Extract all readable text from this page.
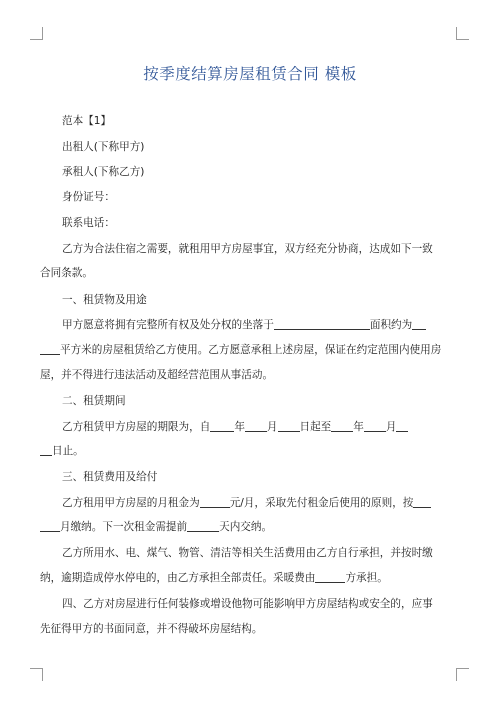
按季度结算房屋租赁合同 模板
范本【1】
出租人(下称甲方)
承租人(下称乙方)
身份证号：
联系电话：
乙方为合法住宿之需要，就租用甲方房屋事宜，双方经充分协商，达成如下一致
合同条款。
一、租赁物及用途
甲方愿意将拥有完整所有权及处分权的坐落于	面积约为
平方米的房屋租赁给乙方使用。乙方愿意承租上述房屋，保证在约定范围内使用房
屋，并不得进行违法活动及超经营范围从事活动。
二、租赁期间
乙方租赁甲方房屋的期限为，自 年 月 日起至 年 月
日止。
三、租赁费用及给付
乙方租用甲方房屋的月租金为	元/月，采取先付租金后使用的原则，按
月缴纳。下一次租金需提前	天内交纳。
乙方所用水、电、煤气、物管、清洁等相关生活费用由乙方自行承担，并按时缴
纳，逾期造成停水停电的，由乙方承担全部责任。采暖费由	方承担。
四、乙方对房屋进行任何装修或增设他物可能影响甲方房屋结构或安全的，应事
先征得甲方的书面同意，并不得破坏房屋结构。
